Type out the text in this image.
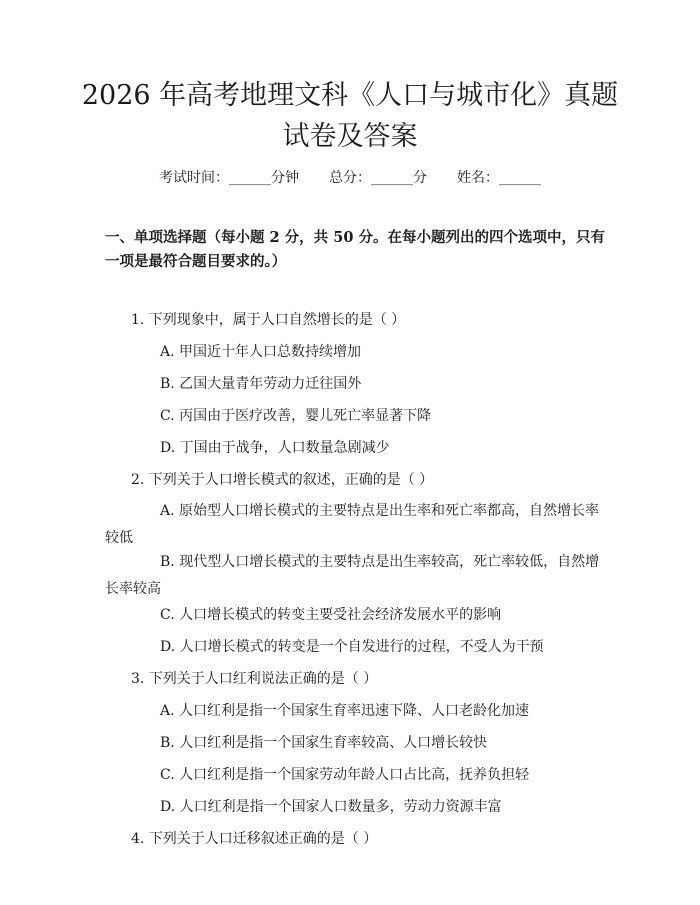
2026 年高考地理文科《人口与城市化》真题
试卷及答案
考试时间：______分钟 总分：______分 姓名：______
一、单项选择题（每小题 2 分，共 50 分。在每小题列出的四个选项中，只有一项是最符合题目要求的。）
1. 下列现象中，属于人口自然增长的是（ ）
A. 甲国近十年人口总数持续增加
B. 乙国大量青年劳动力迁往国外
C. 丙国由于医疗改善，婴儿死亡率显著下降
D. 丁国由于战争，人口数量急剧减少
2. 下列关于人口增长模式的叙述，正确的是（ ）
A. 原始型人口增长模式的主要特点是出生率和死亡率都高，自然增长率较低
B. 现代型人口增长模式的主要特点是出生率较高，死亡率较低，自然增长率较高
C. 人口增长模式的转变主要受社会经济发展水平的影响
D. 人口增长模式的转变是一个自发进行的过程，不受人为干预
3. 下列关于人口红利说法正确的是（ ）
A. 人口红利是指一个国家生育率迅速下降、人口老龄化加速
B. 人口红利是指一个国家生育率较高、人口增长较快
C. 人口红利是指一个国家劳动年龄人口占比高，抚养负担轻
D. 人口红利是指一个国家人口数量多，劳动力资源丰富
4. 下列关于人口迁移叙述正确的是（ ）
